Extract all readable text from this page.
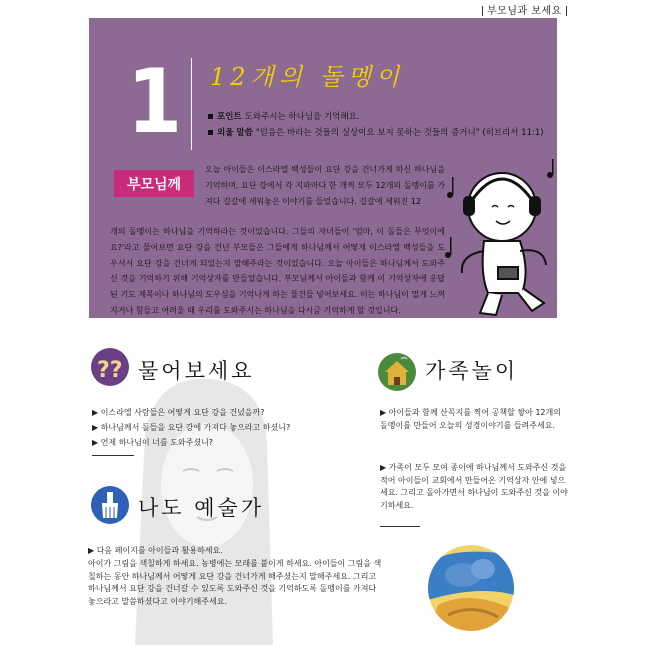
부모님과 보세요
1 12개의 돌멩이
포인트 도와주시는 하나님을 기억해요.
외울 말씀 "믿음은 바라는 것들의 실상이요 보지 못하는 것들의 증거니" (히브리서 11:1)
부모님께
오늘 아이들은 이스라엘 백성들이 요단 강을 건너가게 하신 하나님을 기억하며, 요단 강에서 각 지파마다 한 개씩 모두 12개의 돌멩이를 가져다 길갈에 세워놓은 이야기를 들었습니다. 길갈에 세워진 12
개의 돌멩이는 하나님을 기억하라는 것이었습니다. 그들의 자녀들이 '엄마, 이 돌들은 무엇이에요?'라고 물어보면 요단 강을 건넌 부모들은 그들에게 하나님께서 어떻게 이스라엘 백성들을 도우셔서 요단 강을 건너게 되었는지 말해주라는 것이었습니다. 오늘 아이들은 하나님께서 도와주신 것을 기억하기 위해 기억상자를 만들었습니다. 부모님께서 아이들과 함께 이 기억상자에 응답된 기도 제목이나 하나님의 도우심을 기억나게 하는 물건들 넣어보세요. 이는 하나님이 멀게 느껴지거나 힘들고 어려울 때 우리를 도와주시는 하나님을 다시금 기억하게 할 것입니다.
?? 물어보세요
▶ 이스라엘 사람들은 어떻게 요단 강을 건넜을까?
▶ 하나님께서 돌들을 요단 강에 가져다 놓으라고 하셨니?
▶ 언제 하나님이 너를 도와주셨니?
나도 예술가
▶ 다음 페이지를 아이들과 활용하세요.
아이가 그림을 색칠하게 하세요. 농병에는 모래를 붙이게 하세요. 아이들이 그림을 색칠하는 동안 하나님께서 어떻게 요단 강을 건너가게 해주셨는지 말해주세요. 그리고 하나님께서 요단 강을 건너갈 수 있도록 도와주신 것을 기억하도록 돌멩이를 가져다놓으라고 말씀하셨다고 이야기해주세요.
가족놀이
▶ 아이들과 함께 산꼭지를 찍어 공책할 쌓아 12개의 돌멩이를 만들어 오늘의 성경이야기를 들려주세요.
▶ 가족이 모두 모여 종이에 하나님께서 도와주신 것을 적어 아이들이 교회에서 만들어온 기억상자 안에 넣으세요. 그리고 돌아가면서 하나님이 도와주신 것을 이야기하세요.
